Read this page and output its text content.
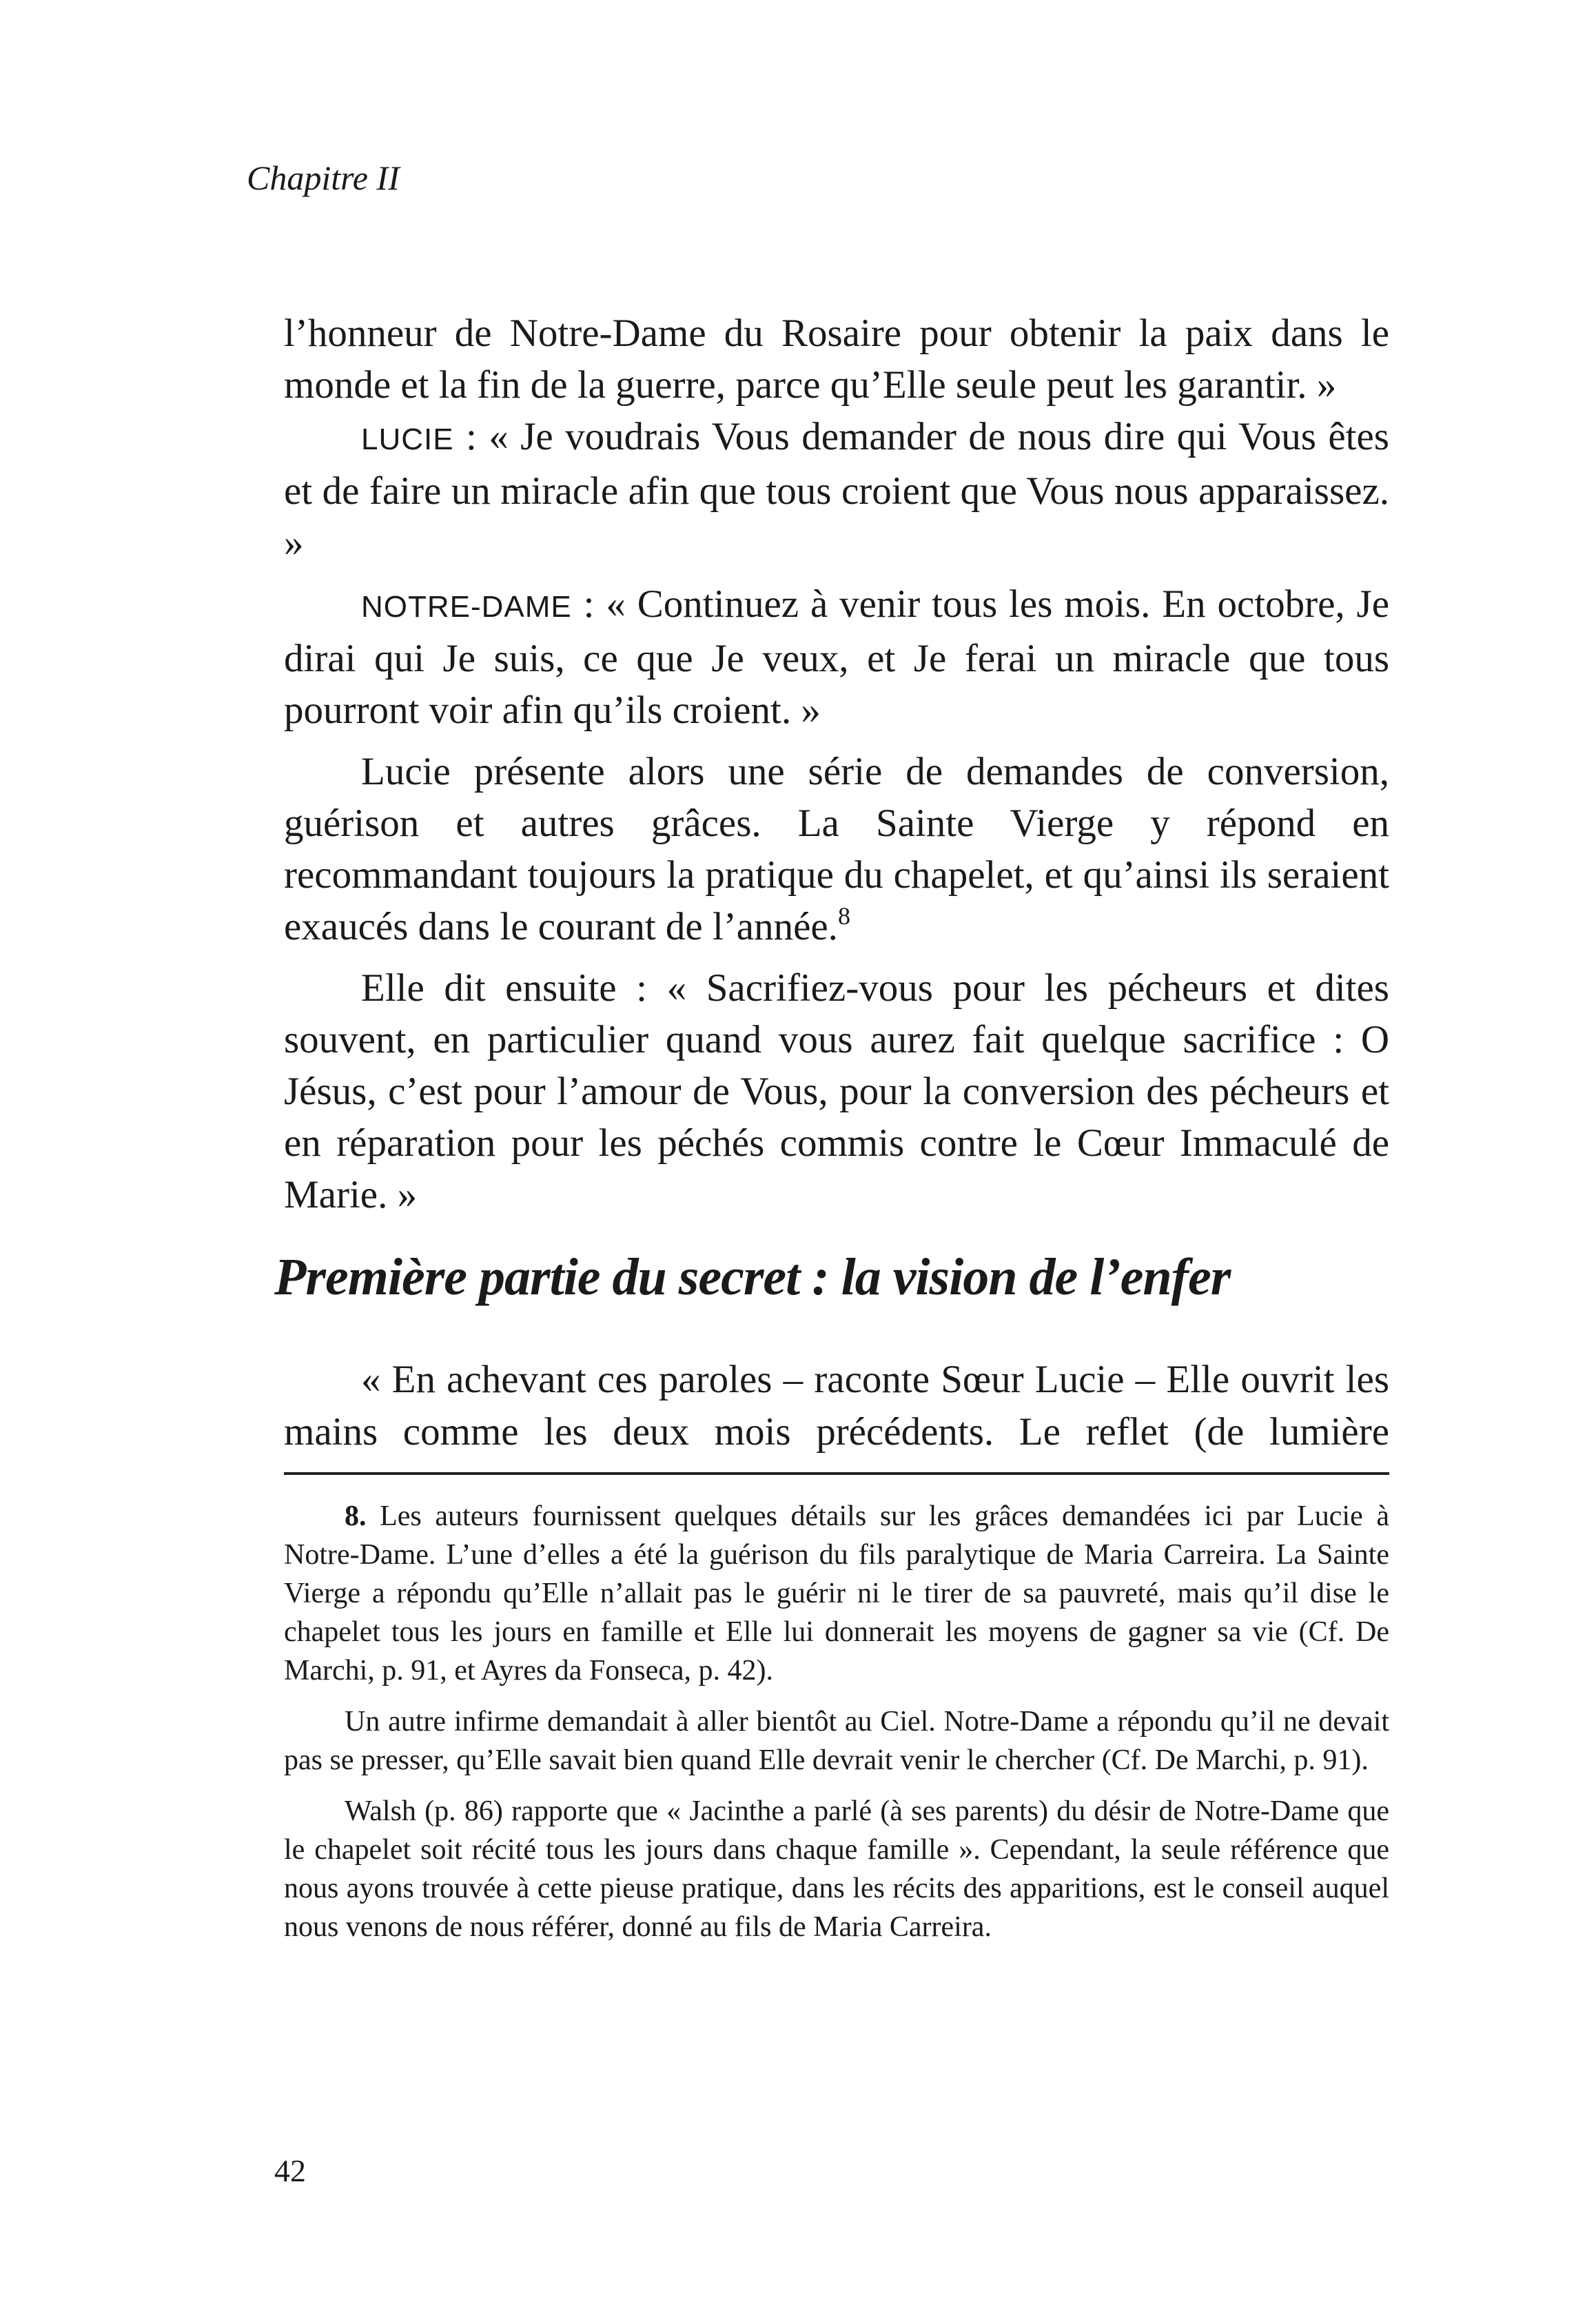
Chapitre II

l’honneur de Notre-Dame du Rosaire pour obtenir la paix dans le monde et la fin de la guerre, parce qu’Elle seule peut les garantir. »

LUCIE : « Je voudrais Vous demander de nous dire qui Vous êtes et de faire un miracle afin que tous croient que Vous nous apparaissez. »

NOTRE-DAME : « Continuez à venir tous les mois. En octobre, Je dirai qui Je suis, ce que Je veux, et Je ferai un miracle que tous pourront voir afin qu’ils croient. »

Lucie présente alors une série de demandes de conversion, guérison et autres grâces. La Sainte Vierge y répond en recommandant toujours la pratique du chapelet, et qu’ainsi ils seraient exaucés dans le courant de l’année.$^8$

Elle dit ensuite : « Sacrifiez-vous pour les pécheurs et dites souvent, en particulier quand vous aurez fait quelque sacrifice : O Jésus, c’est pour l’amour de Vous, pour la conversion des pécheurs et en réparation pour les péchés commis contre le Cœur Immaculé de Marie. »

Première partie du secret : la vision de l’enfer

« En achevant ces paroles – raconte Sœur Lucie – Elle ouvrit les mains comme les deux mois précédents. Le reflet (de lumière

8. Les auteurs fournissent quelques détails sur les grâces demandées ici par Lucie à Notre-Dame. L’une d’elles a été la guérison du fils paralytique de Maria Carreira. La Sainte Vierge a répondu qu’Elle n’allait pas le guérir ni le tirer de sa pauvreté, mais qu’il dise le chapelet tous les jours en famille et Elle lui donnerait les moyens de gagner sa vie (Cf. De Marchi, p. 91, et Ayres da Fonseca, p. 42).

Un autre infirme demandait à aller bientôt au Ciel. Notre-Dame a répondu qu’il ne devait pas se presser, qu’Elle savait bien quand Elle devrait venir le chercher (Cf. De Marchi, p. 91).

Walsh (p. 86) rapporte que « Jacinthe a parlé (à ses parents) du désir de Notre-Dame que le chapelet soit récité tous les jours dans chaque famille ». Cependant, la seule référence que nous ayons trouvée à cette pieuse pratique, dans les récits des apparitions, est le conseil auquel nous venons de nous référer, donné au fils de Maria Carreira.

42
